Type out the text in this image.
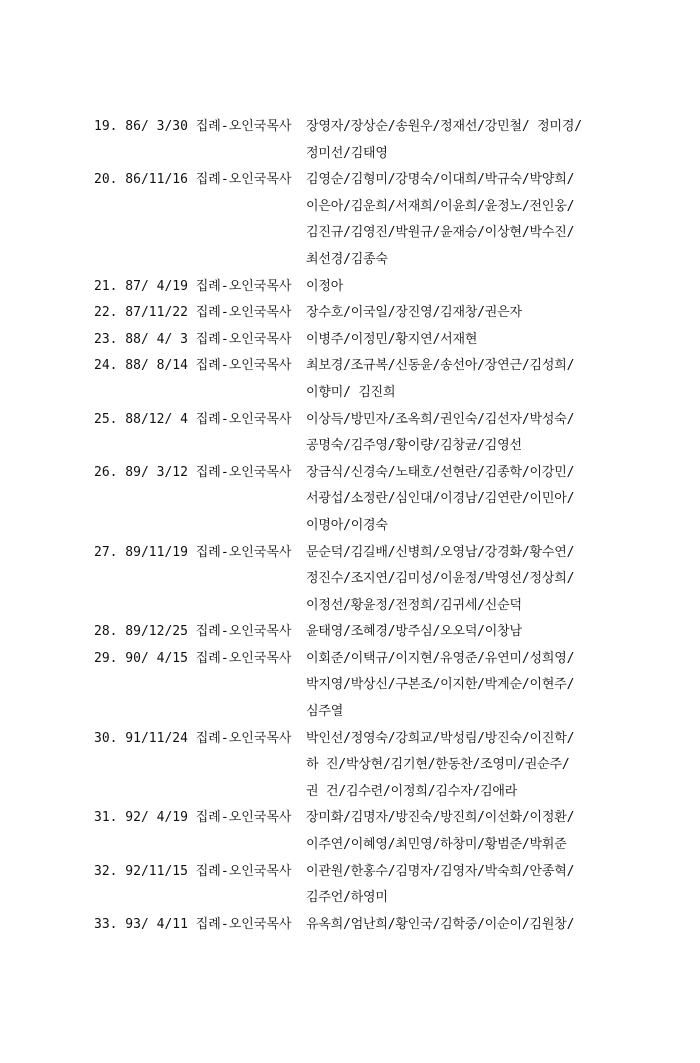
19. 86/ 3/30 집례-오인국목사	장영자/장상순/송원우/정재선/강민철/ 정미경/
정미선/김태영
20. 86/11/16 집례-오인국목사	김영순/김형미/강명숙/이대희/박규숙/박양희/
이은아/김운희/서재희/이윤희/윤정노/전인웅/
김진규/김영진/박원규/윤재승/이상현/박수진/
최선경/김종숙
21. 87/ 4/19 집례-오인국목사	이정아
22. 87/11/22 집례-오인국목사	장수호/이국일/장진영/김재창/권은자
23. 88/ 4/ 3 집례-오인국목사	이병주/이정민/황지연/서재현
24. 88/ 8/14 집례-오인국목사	최보경/조규복/신동윤/송선아/장연근/김성희/
이향미/ 김진희
25. 88/12/ 4 집례-오인국목사	이상득/방민자/조옥희/권인숙/김선자/박성숙/
공명숙/김주영/황이량/김창균/김영선
26. 89/ 3/12 집례-오인국목사	장금식/신경숙/노태호/선현란/김종학/이강민/
서광섭/소정란/심인대/이경남/김연란/이민아/
이명아/이경숙
27. 89/11/19 집례-오인국목사	문순덕/김길배/신병희/오영남/강경화/황수연/
정진수/조지연/김미성/이윤정/박영선/정상희/
이정선/황윤정/전정희/김귀세/신순덕
28. 89/12/25 집례-오인국목사	윤태영/조혜경/방주심/오오덕/이창남
29. 90/ 4/15 집례-오인국목사	이회준/이택규/이지현/유영준/유연미/성희영/
박지영/박상신/구본조/이지한/박계순/이현주/
심주열
30. 91/11/24 집례-오인국목사	박인선/정영숙/강희교/박성림/방진숙/이진학/
하 진/박상현/김기현/한동찬/조영미/권순주/
권 건/김수련/이정희/김수자/김애라
31. 92/ 4/19 집례-오인국목사	장미화/김명자/방진숙/방진희/이선화/이정환/
이주연/이혜영/최민영/하창미/황범준/박휘준
32. 92/11/15 집례-오인국목사	이관원/한홍수/김명자/김영자/박숙희/안종혁/
김주언/하영미
33. 93/ 4/11 집례-오인국목사	유옥희/엄난희/황인국/김학중/이순이/김원창/
